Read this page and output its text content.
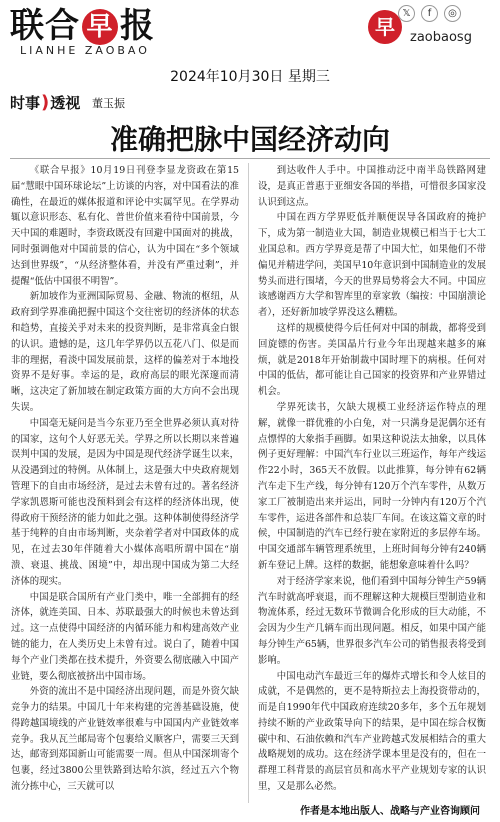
联合 早 报
LIANHE ZAOBAO
早
𝕏	f	◎
zaobaosg
2024年10月30日 星期三
时事)透视 董玉振
准确把脉中国经济动向

《联合早报》10月19日刊登李显龙资政在第15届“慧眼中国环球论坛”上访谈的内容，对中国看法的准确性，在最近的媒体报道和评论中实属罕见。在学界动辄以意识形态、私有化、普世价值来看待中国前景，今天中国的难题时，李资政既没有回避中国面对的挑战，同时强调他对中国前景的信心，认为中国在“多个领域达到世界级”，“从经济整体看，并没有严重过剩”，并提醒“低估中国很不明智”。

新加坡作为亚洲国际贸易、金融、物流的枢纽，从政府到学界准确把握中国这个交往密切的经济体的状态和趋势，直接关乎对未来的投资判断，是非常真金白银的认识。遗憾的是，这几年学界仍以五花八门、似是而非的理据，看淡中国发展前景，这样的偏差对于本地投资界不是好事。幸运的是，政府高层的眼光深邃而清晰，这决定了新加坡在制定政策方面的大方向不会出现失误。

中国毫无疑问是当今东亚乃至全世界必须认真对待的国家，这句个人好恶无关。学界之所以长期以来普遍误判中国的发展，是因为中国是现代经济学诞生以来，从没遇到过的特例。从体制上，这是强大中央政府规划管理下的自由市场经济，是过去未曾有过的。著名经济学家凯恩斯可能也没预料到会有这样的经济体出现，使得政府干预经济的能力如此之强。这种体制使得经济学基于纯粹的自由市场判断，夹杂着学者对中国政体的成见，在过去30年伴随着大小媒体高唱所谓中国在“崩溃、衰退、挑战、困境”中，却出现中国成为第二大经济体的现实。

中国是联合国所有产业门类中，唯一全部拥有的经济体，就连美国、日本、苏联最强大的时候也未曾达到过。这一点使得中国经济的内循环能力和构建高效产业链的能力，在人类历史上未曾有过。说白了，随着中国每个产业门类都在技术提升，外资要么彻底融入中国产业链，要么彻底被挤出中国市场。

外资的流出不是中国经济出现问题，而是外资欠缺竞争力的结果。中国几十年来构建的完善基础设施，使得跨越国境线的产业链效率很难与中国国内产业链效率竞争。我从瓦兰邮局寄个包裹给义顺客户，需要三天到达，邮寄到郑国新山可能需要一周。但从中国深圳寄个包裹，经过3800公里铁路到达哈尔滨，经过五六个物流分拣中心，三天就可以

到达收件人手中。中国推动泛中南半岛铁路网建设，是真正普惠于亚细安各国的举措，可惜很多国家没认识到这点。

中国在西方学界贬低并顺便误导各国政府的掩护下，成为第一制造业大国，制造业规模已相当于七大工业国总和。西方学界竟是帮了中国大忙，如果他们不带偏见并精进学问，美国早10年意识到中国制造业的发展势头而进行围堵，今天的世界局势将会大不同。中国应该感谢西方大学和智库里的章家敦（编按：中国崩溃论者），还好新加坡学界没这么糟糕。

这样的规模使得今后任何对中国的制裁，都将受到回旋镖的伤害。美国晶片行业今年出现越来越多的麻烦，就是2018年开始制裁中国时埋下的病根。任何对中国的低估，都可能让自己国家的投资界和产业界错过机会。

学界死读书，欠缺大规模工业经济运作特点的理解，就像一群优雅的小白兔，对一只满身是泥偶尔还有点慓悍的大象指手画脚。如果这种说法太抽象，以具体例子更好理解：中国汽车行业以三班运作，每年产线运作22小时，365天不放假。以此推算，每分钟有62辆汽车走下生产线，每分钟有120万个汽车零件，从数万家工厂被制造出来并运出，同时一分钟内有120万个汽车零件，运进各部件和总装厂车间。在该这篇文章的时候，中国制造的汽车已经行驶在家附近的多层停车场。中国交通部车辆管理系统里，上班时间每分钟有240辆新车登记上牌。这样的数据，能想象意味着什么吗？

对于经济学家来说，他们看到中国每分钟生产59辆汽车时就高呼衰退，而不理解这种大规模巨型制造业和物流体系，经过无数环节微调合化形成的巨大动能，不会因为少生产几辆车而出现问题。相反，如果中国产能每分钟生产65辆，世界很多汽车公司的销售报表将受到影响。

中国电动汽车最近三年的爆炸式增长和令人炫目的成就，不是偶然的，更不是特斯拉去上海投资带动的，而是自1990年代中国政府连续20多年，多个五年规划持续不断的产业政策导向下的结果，是中国在综合权衡碳中和、石油依赖和汽车产业跨越式发展相结合的重大战略规划的成功。这在经济学课本里是没有的，但在一群理工科背景的高层官员和高水平产业规划专家的认识里，又是那么必然。

作者是本地出版人、战略与产业咨询顾问
